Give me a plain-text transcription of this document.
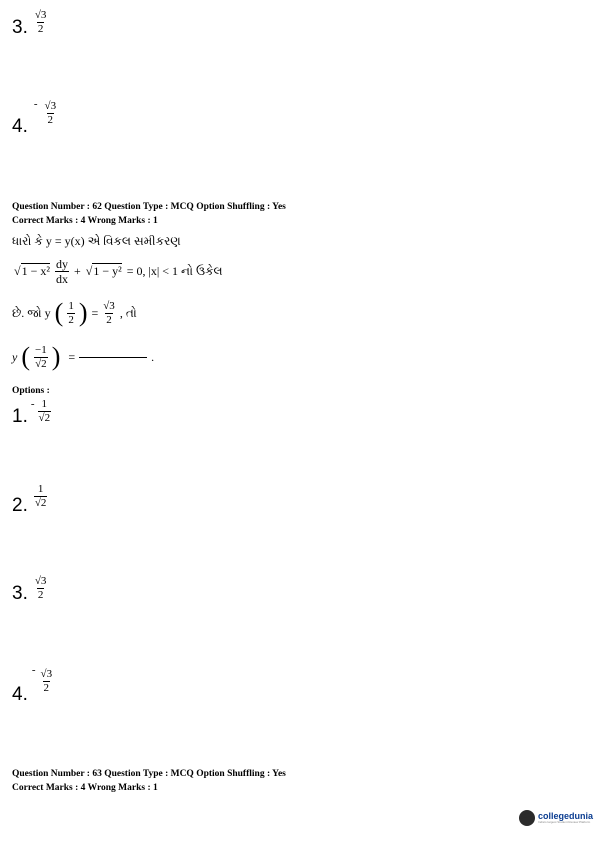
3. $\frac{√3}{2}$
4.
- $\frac{√3}{2}$
Question Number : 62 Question Type : MCQ Option Shuffling : Yes
Correct Marks : 4 Wrong Marks : 1
ધારો કે y = y(x) એ વિકલ સમીકરણ
$√1 - x^2 \frac{dy}{dx} + √1 - y^2 = 0$, |x| < 1 નો ઉકેલ
છે. જો y ( $\frac{1}{2}$ ) = $\frac{√3}{2}$ , તો
y ( $\frac{-1}{√2}$ ) =	.
Options :
1.
- $\frac{1}{√2}$
2. $\frac{1}{√2}$
3. $\frac{√3}{2}$
4.
- $\frac{√3}{2}$
Question Number : 63 Question Type : MCQ Option Shuffling : Yes
Correct Marks : 4 Wrong Marks : 1
collegedunia
India's largest Student Review Platform
